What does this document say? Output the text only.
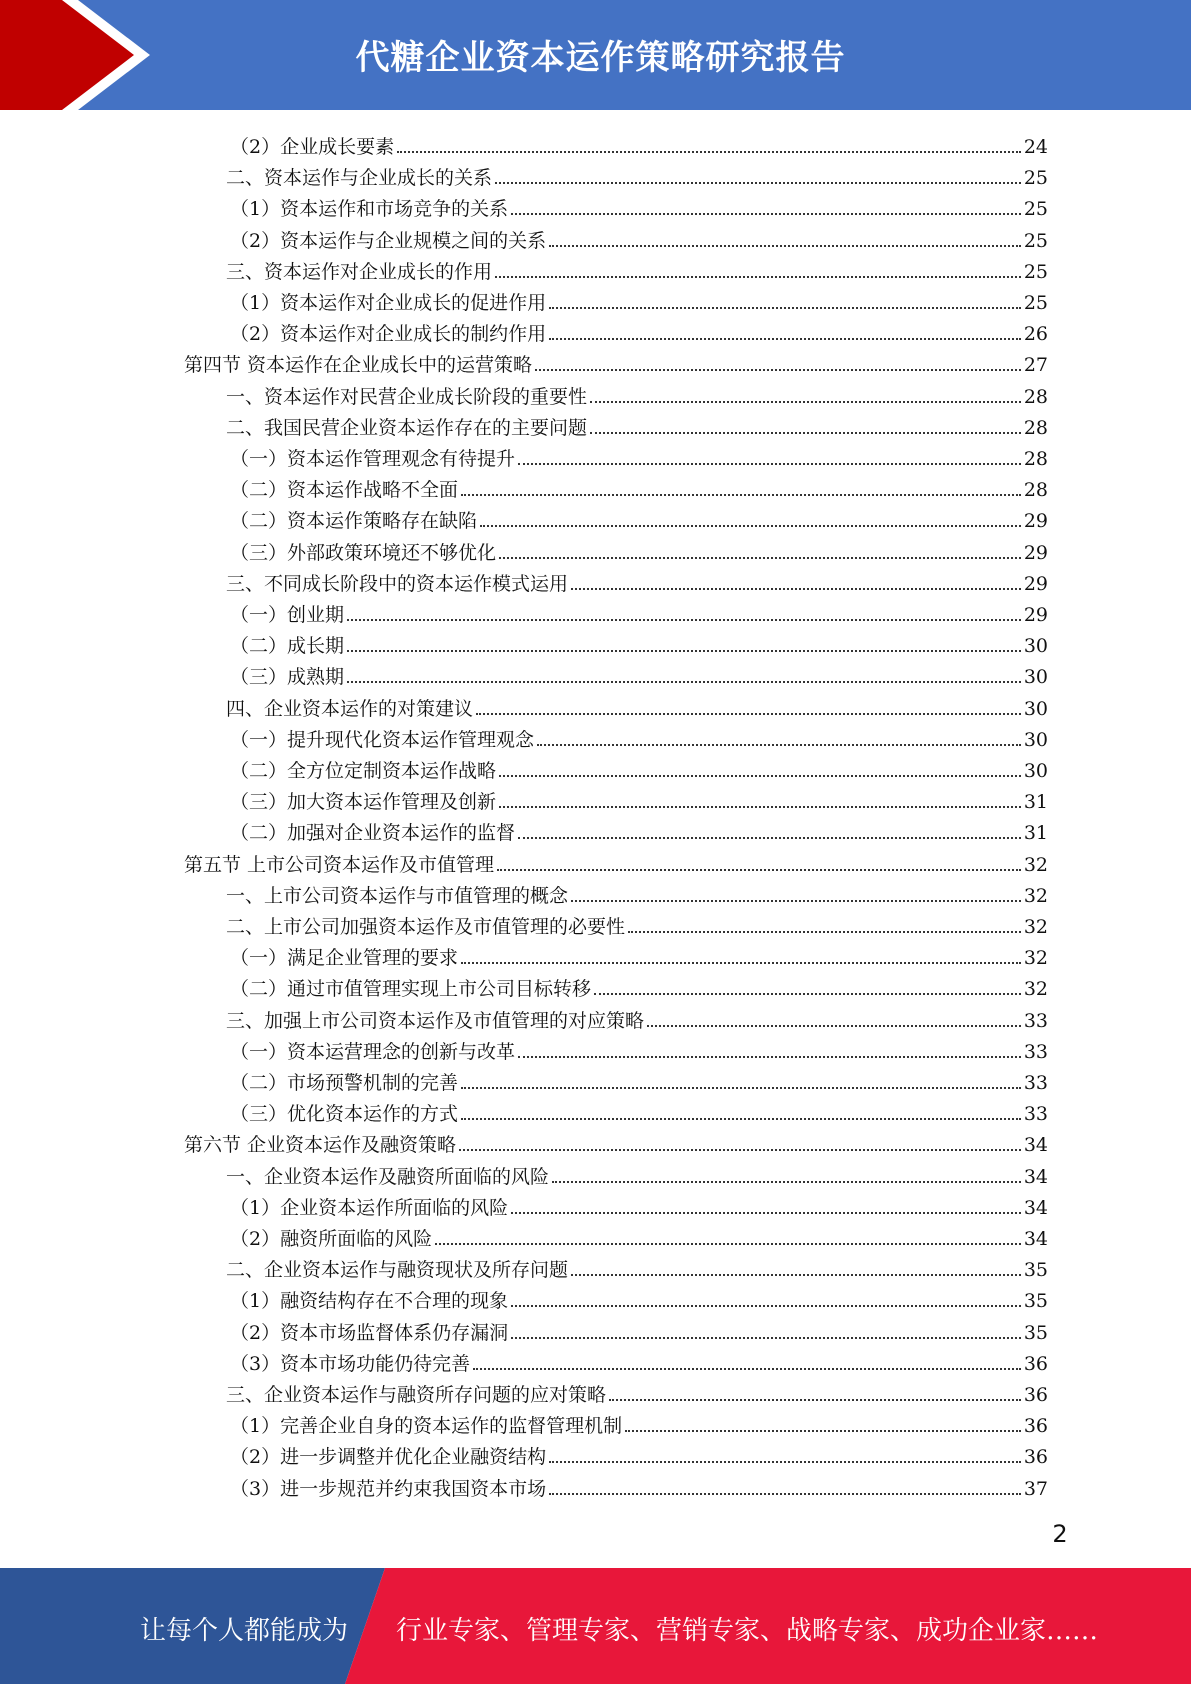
代糖企业资本运作策略研究报告
（2）企业成长要素	24
二、资本运作与企业成长的关系	25
（1）资本运作和市场竞争的关系	25
（2）资本运作与企业规模之间的关系	25
三、资本运作对企业成长的作用	25
（1）资本运作对企业成长的促进作用	25
（2）资本运作对企业成长的制约作用	26
第四节 资本运作在企业成长中的运营策略	27
一、资本运作对民营企业成长阶段的重要性	28
二、我国民营企业资本运作存在的主要问题	28
（一）资本运作管理观念有待提升	28
（二）资本运作战略不全面	28
（二）资本运作策略存在缺陷	29
（三）外部政策环境还不够优化	29
三、不同成长阶段中的资本运作模式运用	29
（一）创业期	29
（二）成长期	30
（三）成熟期	30
四、企业资本运作的对策建议	30
（一）提升现代化资本运作管理观念	30
（二）全方位定制资本运作战略	30
（三）加大资本运作管理及创新	31
（二）加强对企业资本运作的监督	31
第五节 上市公司资本运作及市值管理	32
一、上市公司资本运作与市值管理的概念	32
二、上市公司加强资本运作及市值管理的必要性	32
（一）满足企业管理的要求	32
（二）通过市值管理实现上市公司目标转移	32
三、加强上市公司资本运作及市值管理的对应策略	33
（一）资本运营理念的创新与改革	33
（二）市场预警机制的完善	33
（三）优化资本运作的方式	33
第六节 企业资本运作及融资策略	34
一、企业资本运作及融资所面临的风险	34
（1）企业资本运作所面临的风险	34
（2）融资所面临的风险	34
二、企业资本运作与融资现状及所存问题	35
（1）融资结构存在不合理的现象	35
（2）资本市场监督体系仍存漏洞	35
（3）资本市场功能仍待完善	36
三、企业资本运作与融资所存问题的应对策略	36
（1）完善企业自身的资本运作的监督管理机制	36
（2）进一步调整并优化企业融资结构	36
（3）进一步规范并约束我国资本市场	37
2
让每个人都能成为 行业专家、管理专家、营销专家、战略专家、成功企业家……
